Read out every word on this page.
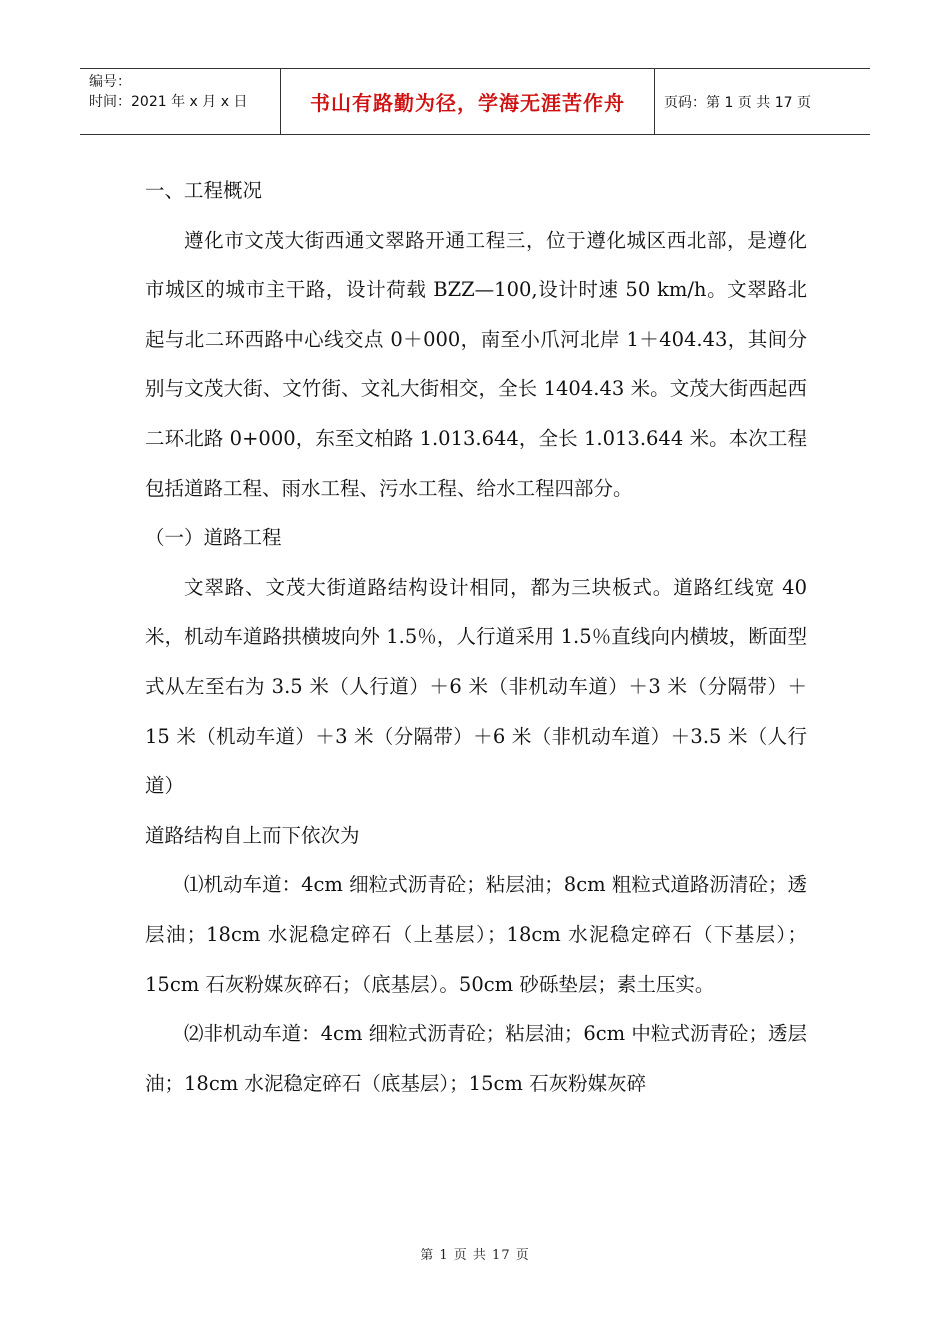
编号：
时间：2021 年 x 月 x 日	书山有路勤为径，学海无涯苦作舟	页码：第 1 页 共 17 页

一、工程概况

遵化市文茂大街西通文翠路开通工程三，位于遵化城区西北部，是遵化市城区的城市主干路，设计荷载 BZZ—100,设计时速 50 km/h。文翠路北起与北二环西路中心线交点 0＋000，南至小爪河北岸 1＋404.43，其间分别与文茂大街、文竹街、文礼大街相交，全长 1404.43 米。文茂大街西起西二环北路 0+000，东至文柏路 1.013.644，全长 1.013.644 米。本次工程包括道路工程、雨水工程、污水工程、给水工程四部分。

（一）道路工程

文翠路、文茂大街道路结构设计相同，都为三块板式。道路红线宽 40 米，机动车道路拱横坡向外 1.5％，人行道采用 1.5％直线向内横坡，断面型式从左至右为 3.5 米（人行道）＋6 米（非机动车道）＋3 米（分隔带）＋15 米（机动车道）＋3 米（分隔带）＋6 米（非机动车道）＋3.5 米（人行道）

道路结构自上而下依次为

⑴机动车道：4cm 细粒式沥青砼；粘层油；8cm 粗粒式道路沥清砼；透层油；18cm 水泥稳定碎石（上基层）；18cm 水泥稳定碎石（下基层）；15cm 石灰粉媒灰碎石；（底基层）。50cm 砂砾垫层；素土压实。

⑵非机动车道：4cm 细粒式沥青砼；粘层油；6cm 中粒式沥青砼；透层油；18cm 水泥稳定碎石（底基层）；15cm 石灰粉媒灰碎

第 1 页 共 17 页
